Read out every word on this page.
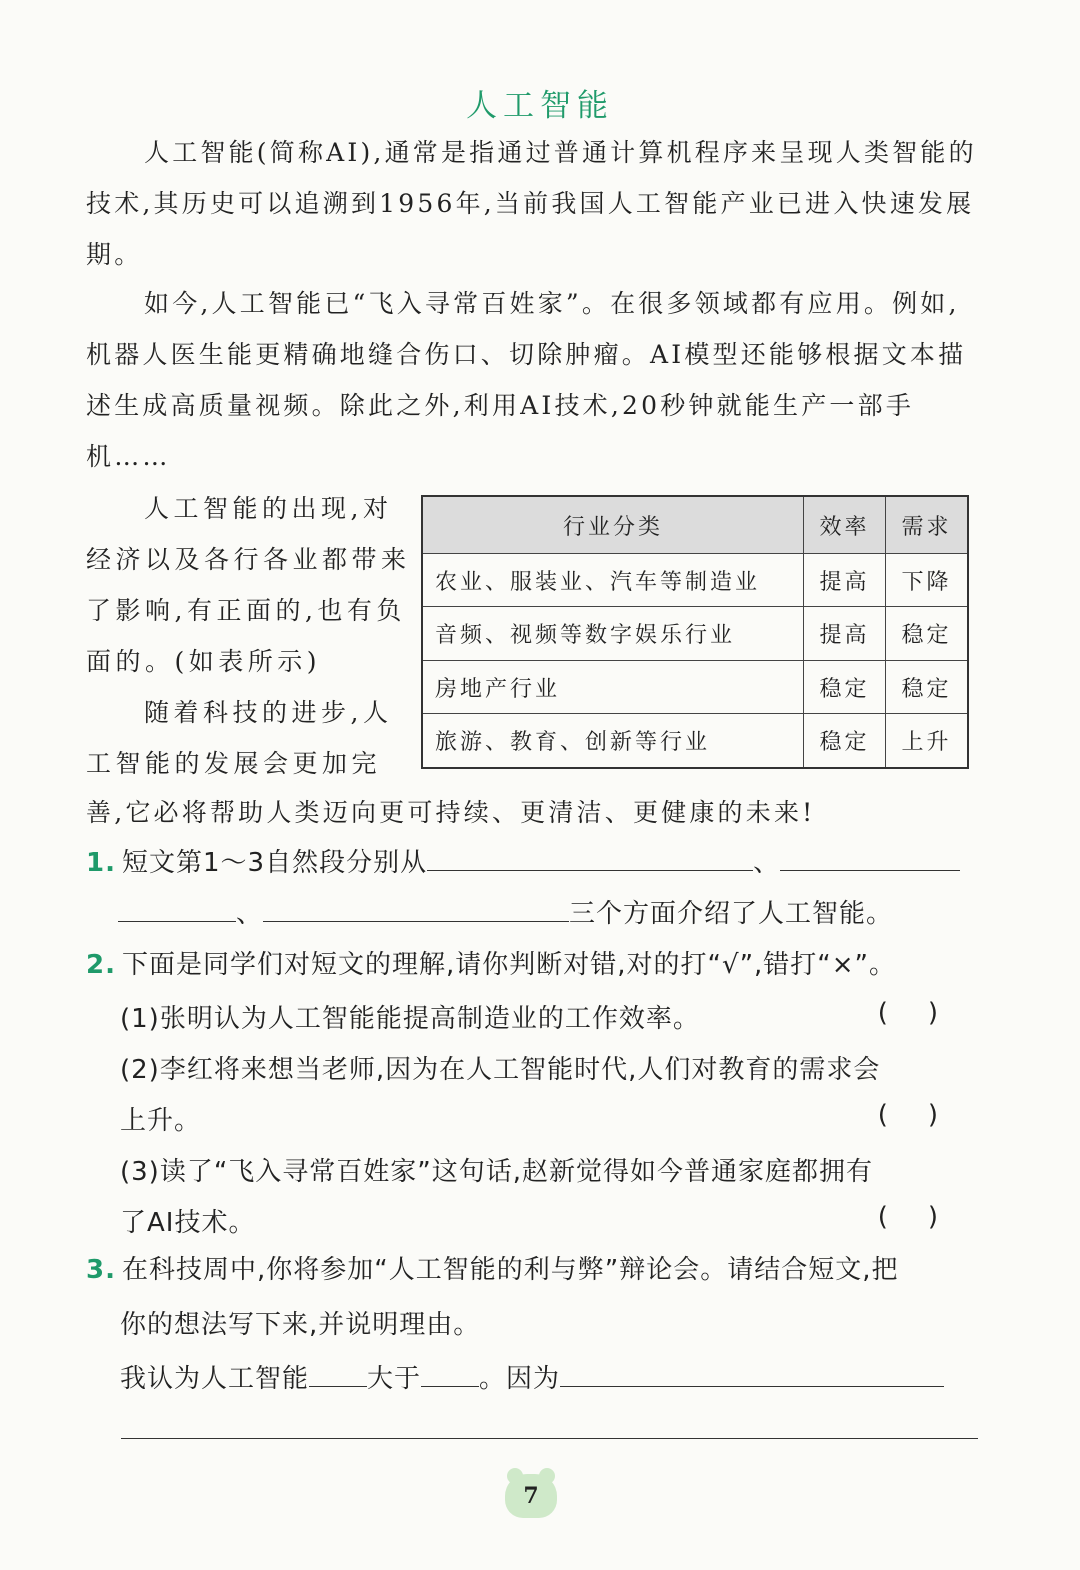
人工智能
人工智能(简称AI),通常是指通过普通计算机程序来呈现人类智能的技术,其历史可以追溯到1956年,当前我国人工智能产业已进入快速发展期。
如今,人工智能已“飞入寻常百姓家”。在很多领域都有应用。例如,机器人医生能更精确地缝合伤口、切除肿瘤。AI模型还能够根据文本描述生成高质量视频。除此之外,利用AI技术,20秒钟就能生产一部手机……
人工智能的出现,对经济以及各行各业都带来了影响,有正面的,也有负面的。(如表所示)
随着科技的进步,人工智能的发展会更加完
行业分类	效率	需求
农业、服装业、汽车等制造业	提高	下降
音频、视频等数字娱乐行业	提高	稳定
房地产行业	稳定	稳定
旅游、教育、创新等行业	稳定	上升
善,它必将帮助人类迈向更可持续、更清洁、更健康的未来!
1. 短文第1～3自然段分别从	、
、	三个方面介绍了人工智能。
2. 下面是同学们对短文的理解,请你判断对错,对的打“√”,错打“×”。
(1)张明认为人工智能能提高制造业的工作效率。	()
(2)李红将来想当老师,因为在人工智能时代,人们对教育的需求会
上升。	()
(3)读了“飞入寻常百姓家”这句话,赵新觉得如今普通家庭都拥有
了AI技术。	()
3. 在科技周中,你将参加“人工智能的利与弊”辩论会。请结合短文,把
你的想法写下来,并说明理由。
我认为人工智能 大于 。因为
7
